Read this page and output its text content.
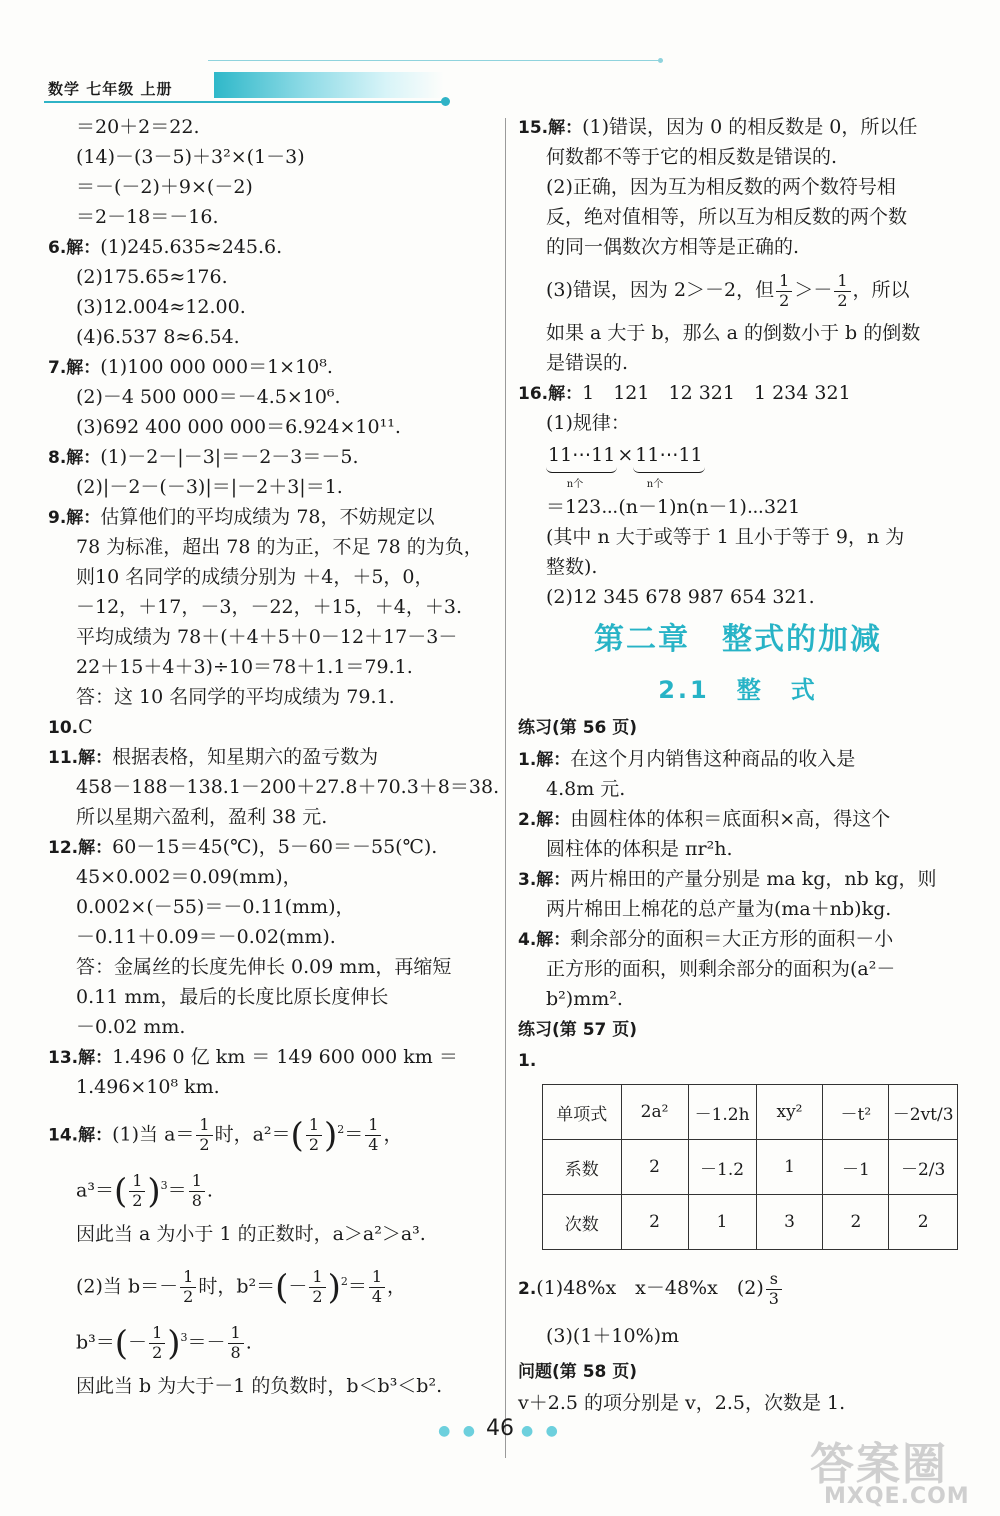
数学 七年级 上册
＝20＋2＝22.
(14)－(3－5)＋3²×(1－3)
＝－(－2)＋9×(－2)
＝2－18＝－16.
6.解：(1)245.635≈245.6.
(2)175.65≈176.
(3)12.004≈12.00.
(4)6.537 8≈6.54.
7.解：(1)100 000 000＝1×10⁸.
(2)－4 500 000＝－4.5×10⁶.
(3)692 400 000 000＝6.924×10¹¹.
8.解：(1)－2－|－3|＝－2－3＝－5.
(2)|－2－(－3)|＝|－2＋3|＝1.
9.解：估算他们的平均成绩为 78，不妨规定以
78 为标准，超出 78 的为正，不足 78 的为负，
则10 名同学的成绩分别为 ＋4，＋5，0，
－12，＋17，－3，－22，＋15，＋4，＋3.
平均成绩为 78＋(＋4＋5＋0－12＋17－3－
22＋15＋4＋3)÷10＝78＋1.1＝79.1.
答：这 10 名同学的平均成绩为 79.1.
10.C
11.解：根据表格，知星期六的盈亏数为
458－188－138.1－200＋27.8＋70.3＋8＝38.
所以星期六盈利，盈利 38 元.
12.解：60－15＝45(℃)，5－60＝－55(℃).
45×0.002＝0.09(mm)，
0.002×(－55)＝－0.11(mm)，
－0.11＋0.09＝－0.02(mm).
答：金属丝的长度先伸长 0.09 mm，再缩短
0.11 mm，最后的长度比原长度伸长
－0.02 mm.
13.解：1.496 0 亿 km ＝ 149 600 000 km ＝
1.496×10⁸ km.
14.解：(1)当 $a= \frac{1}{2}$ 时，$a^2=( \frac{1}{2} )^2= \frac{1}{4}$ ，
$a^3=( \frac{1}{2} )^3= \frac{1}{8}$ .
因此当 a 为小于 1 的正数时，a＞a²＞a³.
(2)当 $b=- \frac{1}{2}$ 时，$b^2=(- \frac{1}{2} )^2= \frac{1}{4}$ ，
$b^3=(- \frac{1}{2} )^3=- \frac{1}{8}$ .
因此当 b 为大于－1 的负数时，b＜b³＜b².
15.解：(1)错误，因为 0 的相反数是 0，所以任
何数都不等于它的相反数是错误的.
(2)正确，因为互为相反数的两个数符号相
反，绝对值相等，所以互为相反数的两个数
的同一偶数次方相等是正确的.
(3)错误，因为 2＞－2，但 $\frac{1}{2} >- \frac{1}{2}$ ，所以
如果 a 大于 b，那么 a 的倒数小于 b 的倒数
是错误的.
16.解：1　121　12 321　1 234 321
(1)规律：
11⋯11 × 11⋯11
n个	n个
＝123⋯(n－1)n(n－1)⋯321
(其中 n 大于或等于 1 且小于等于 9，n 为
整数).
(2)12 345 678 987 654 321.
第二章　整式的加减
2.1　整　式
练习(第 56 页)
1.解：在这个月内销售这种商品的收入是
4.8m 元.
2.解：由圆柱体的体积＝底面积×高，得这个
圆柱体的体积是 πr²h.
3.解：两片棉田的产量分别是 ma kg，nb kg，则
两片棉田上棉花的总产量为(ma＋nb)kg.
4.解：剩余部分的面积＝大正方形的面积－小
正方形的面积，则剩余部分的面积为(a²－
b²)mm².
练习(第 57 页)
1.
单项式	2a²	－1.2h	xy²	－t²	－2vt/3
系数	2	－1.2	1	－1	－2/3
次数	2	1	3	2	2
2.(1)48%x　x－48%x　$(2) \frac{s}{3}$
(3)(1＋10%)m
问题(第 58 页)
v＋2.5 的项分别是 v，2.5，次数是 1.
● ● 46 ● ●
答案圈
MXQE.COM
